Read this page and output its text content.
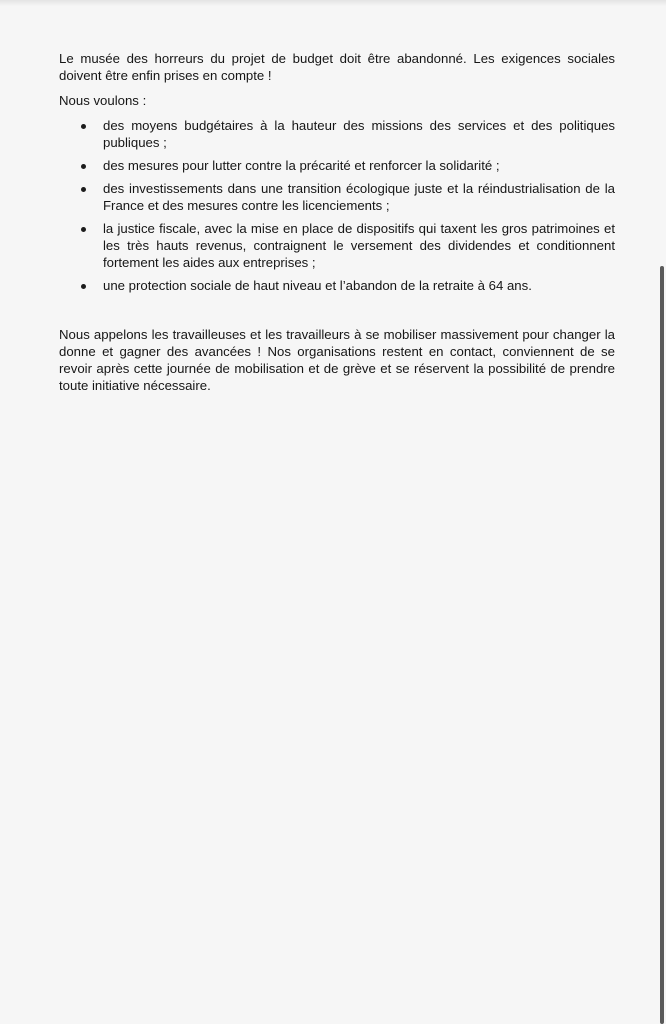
Le musée des horreurs du projet de budget doit être abandonné. Les exigences sociales doivent être enfin prises en compte !

Nous voulons :

des moyens budgétaires à la hauteur des missions des services et des politiques publiques ;
des mesures pour lutter contre la précarité et renforcer la solidarité ;
des investissements dans une transition écologique juste et la réindustrialisation de la France et des mesures contre les licenciements ;
la justice fiscale, avec la mise en place de dispositifs qui taxent les gros patrimoines et les très hauts revenus, contraignent le versement des dividendes et conditionnent fortement les aides aux entreprises ;
une protection sociale de haut niveau et l’abandon de la retraite à 64 ans.

Nous appelons les travailleuses et les travailleurs à se mobiliser massivement pour changer la donne et gagner des avancées ! Nos organisations restent en contact, conviennent de se revoir après cette journée de mobilisation et de grève et se réservent la possibilité de prendre toute initiative nécessaire.
